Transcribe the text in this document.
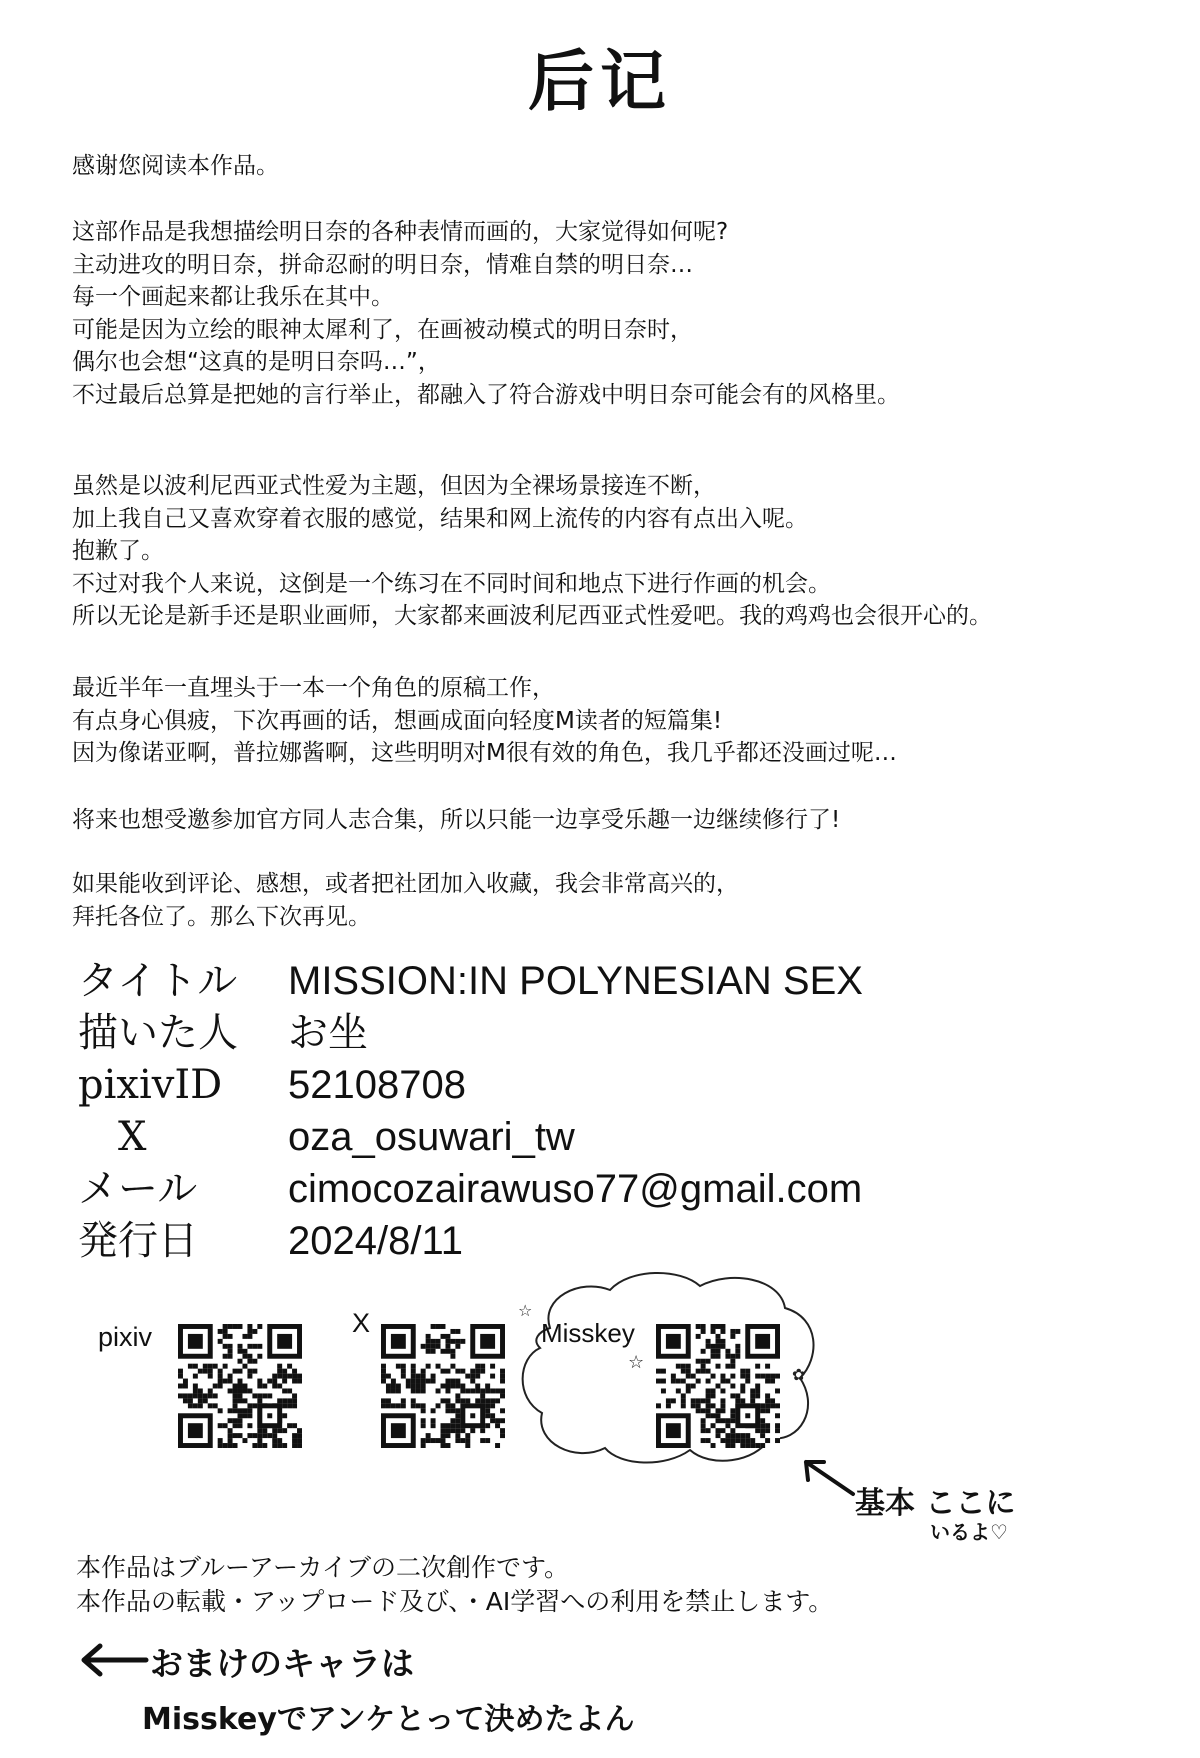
后记
感谢您阅读本作品。
这部作品是我想描绘明日奈的各种表情而画的，大家觉得如何呢?
主动进攻的明日奈，拼命忍耐的明日奈，情难自禁的明日奈…
每一个画起来都让我乐在其中。
可能是因为立绘的眼神太犀利了，在画被动模式的明日奈时，
偶尔也会想“这真的是明日奈吗…”，
不过最后总算是把她的言行举止，都融入了符合游戏中明日奈可能会有的风格里。
虽然是以波利尼西亚式性爱为主题，但因为全裸场景接连不断，
加上我自己又喜欢穿着衣服的感觉，结果和网上流传的内容有点出入呢。
抱歉了。
不过对我个人来说，这倒是一个练习在不同时间和地点下进行作画的机会。
所以无论是新手还是职业画师，大家都来画波利尼西亚式性爱吧。我的鸡鸡也会很开心的。
最近半年一直埋头于一本一个角色的原稿工作，
有点身心俱疲，下次再画的话，想画成面向轻度M读者的短篇集!
因为像诺亚啊，普拉娜酱啊，这些明明对M很有效的角色，我几乎都还没画过呢…
将来也想受邀参加官方同人志合集，所以只能一边享受乐趣一边继续修行了!
如果能收到评论、感想，或者把社团加入收藏，我会非常高兴的，
拜托各位了。那么下次再见。
タイトル MISSION:IN POLYNESIAN SEX
描いた人 お坐
pixivID 52108708
X	oza_osuwari_tw
メール cimocozairawuso77@gmail.com
発行日 2024/8/11
pixiv	X	☆
☆
✿
Misskey
基本 ここに
いるよ♡
本作品はブルーアーカイブの二次創作です。
本作品の転載・アップロード及び、・AI学習への利用を禁止します。
おまけのキャラは
Misskeyでアンケとって決めたよん
